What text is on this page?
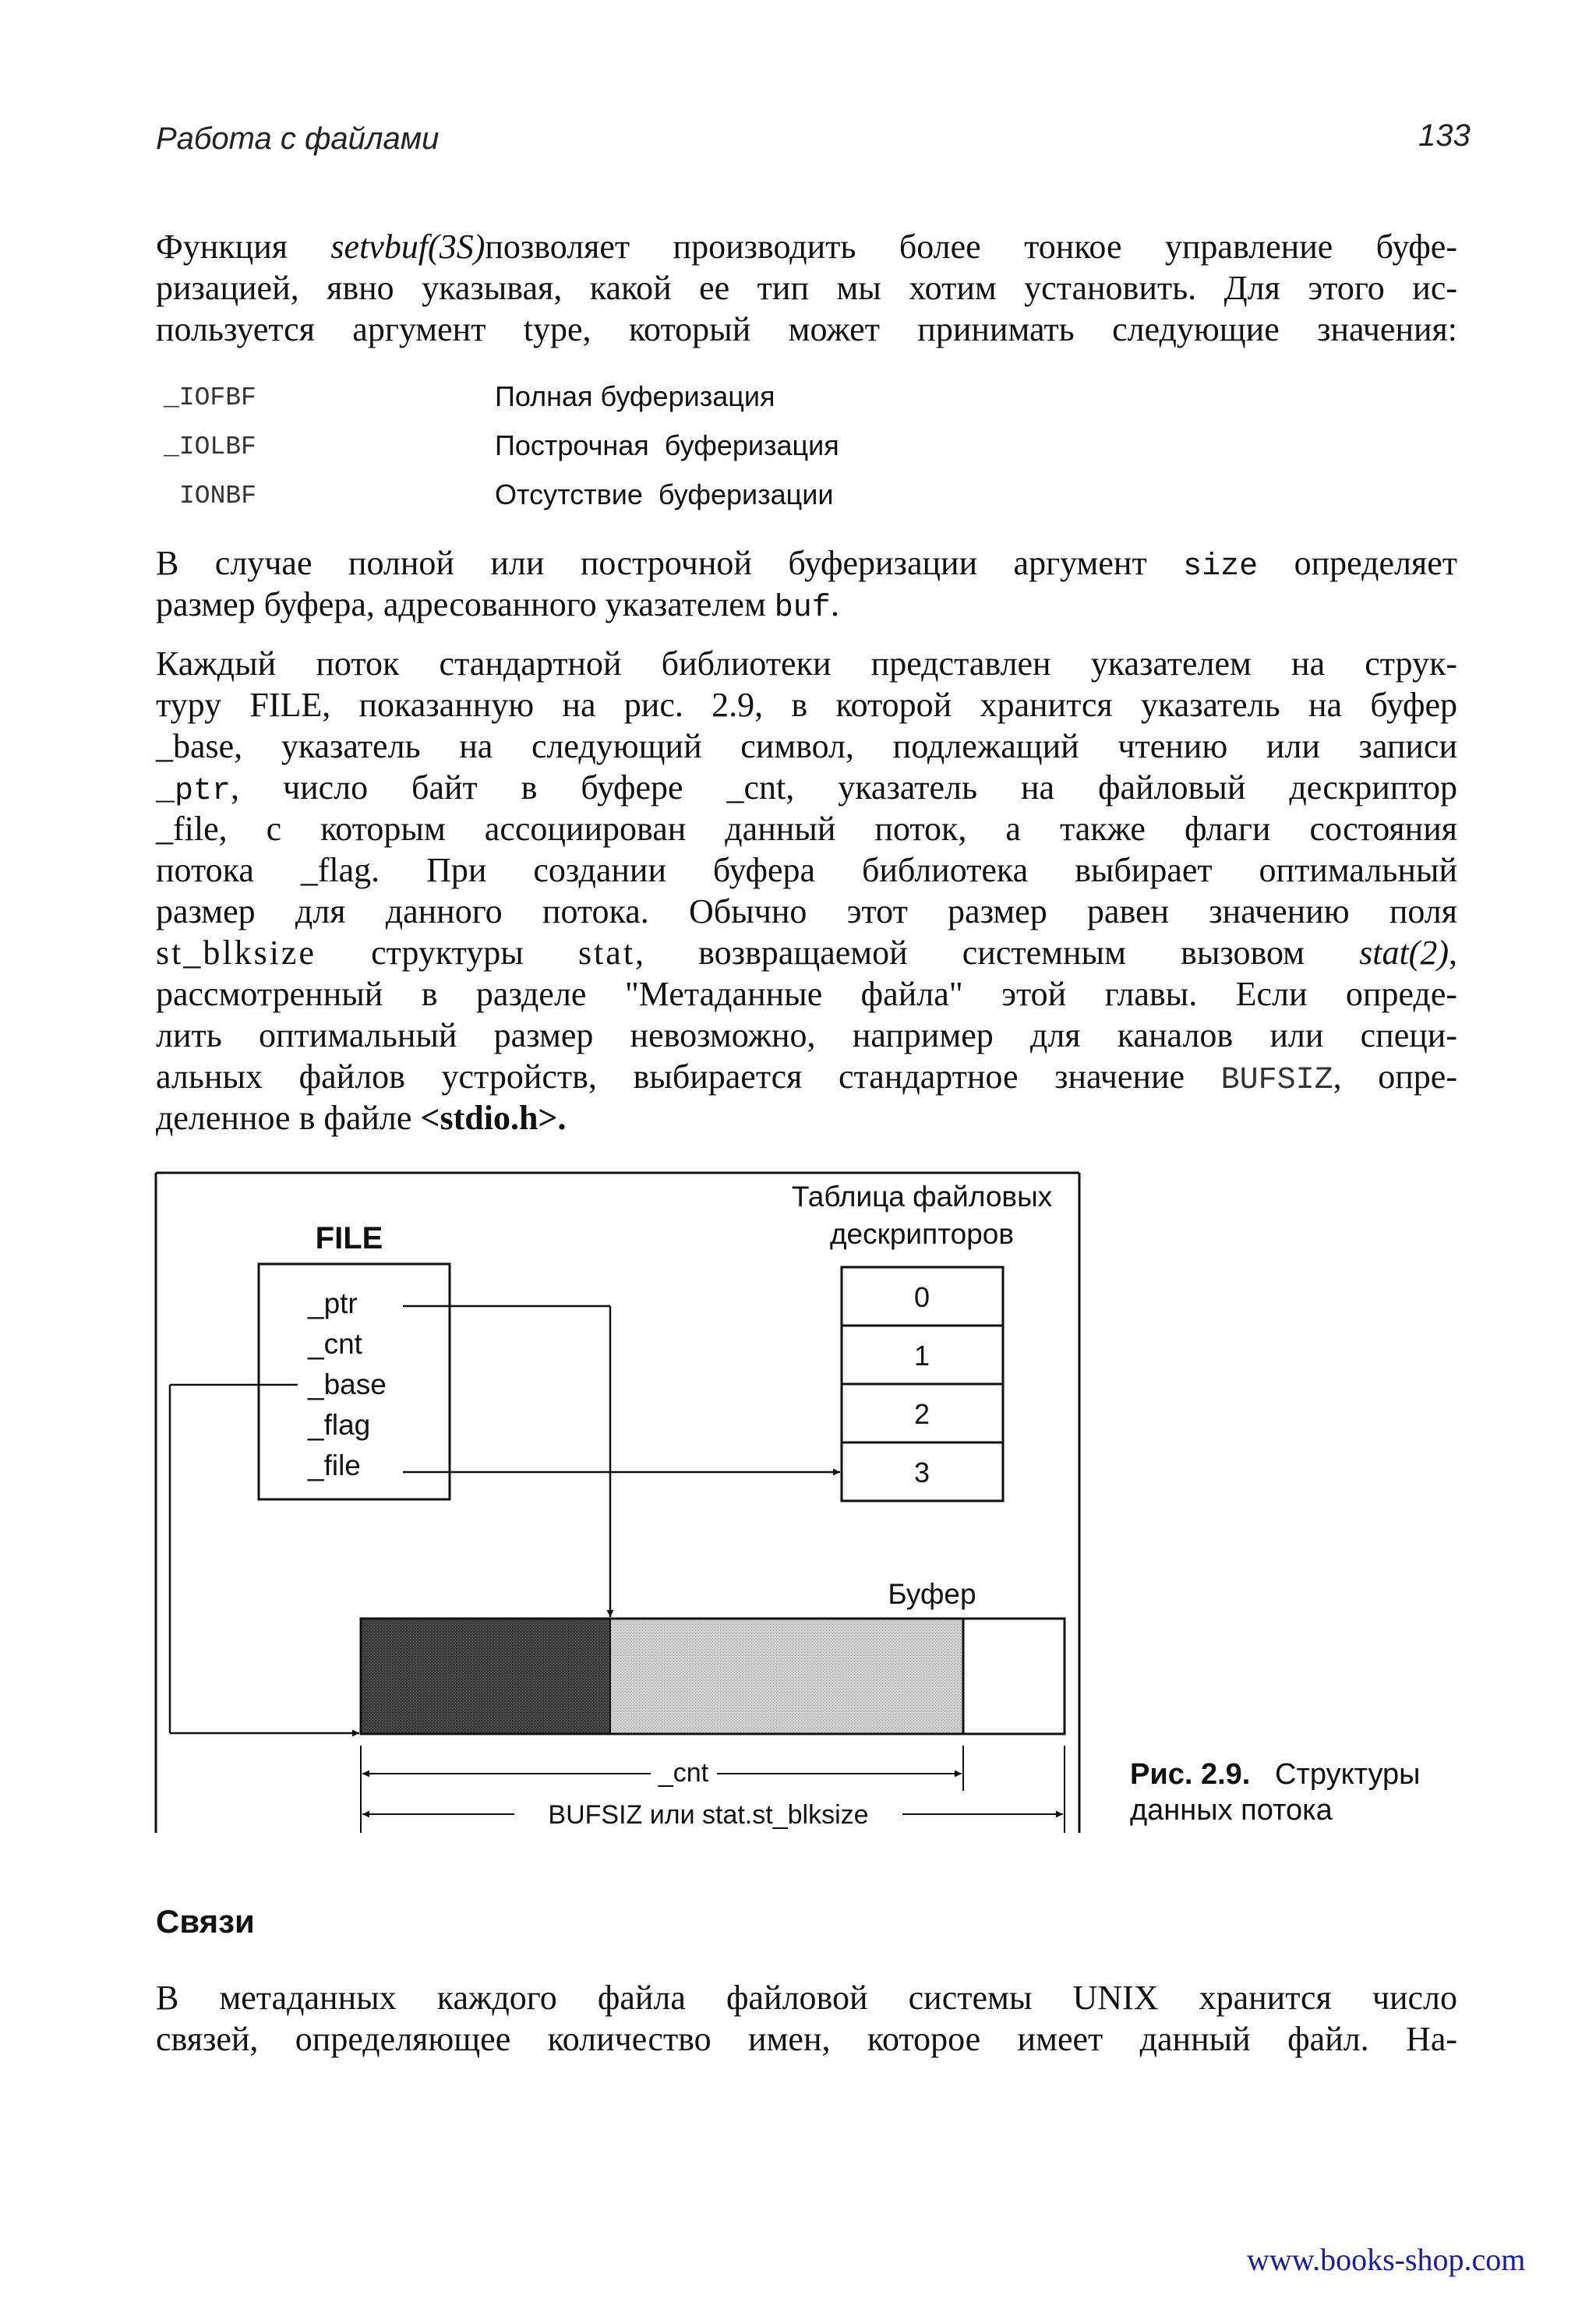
Работа с файлами	133
Функция setvbuf(3S)позволяет производить более тонкое управление буфе-
ризацией, явно указывая, какой ее тип мы хотим установить. Для этого ис-
пользуется аргумент type, который может принимать следующие значения:
_IOFBF	Полная буферизация
_IOLBF	Построчная  буферизация
IONBF	Отсутствие  буферизации
В случае полной или построчной буферизации аргумент size определяет
размер буфера, адресованного указателем buf.
Каждый поток стандартной библиотеки представлен указателем на струк-
туру FILE, показанную на рис. 2.9, в которой хранится указатель на буфер
_base, указатель на следующий символ, подлежащий чтению или записи
_ptr, число байт в буфере _cnt, указатель на файловый дескриптор
_file, с которым ассоциирован данный поток, а также флаги состояния
потока _flag. При создании буфера библиотека выбирает оптимальный
размер для данного потока. Обычно этот размер равен значению поля
st_blksize структуры stat, возвращаемой системным вызовом stat(2),
рассмотренный в разделе "Метаданные файла" этой главы. Если опреде-
лить оптимальный размер невозможно, например для каналов или специ-
альных файлов устройств, выбирается стандартное значение BUFSIZ, опре-
деленное в файле <stdio.h>.
FILE
_ptr
_cnt
_base
_flag
_file
Таблица файловых
дескрипторов
0
1
2
3
Буфер
_cnt
BUFSIZ или stat.st_blksize
Рис. 2.9. Структуры
данных потока
Связи
В метаданных каждого файла файловой системы UNIX хранится число
связей, определяющее количество имен, которое имеет данный файл. На-
www.books-shop.com
